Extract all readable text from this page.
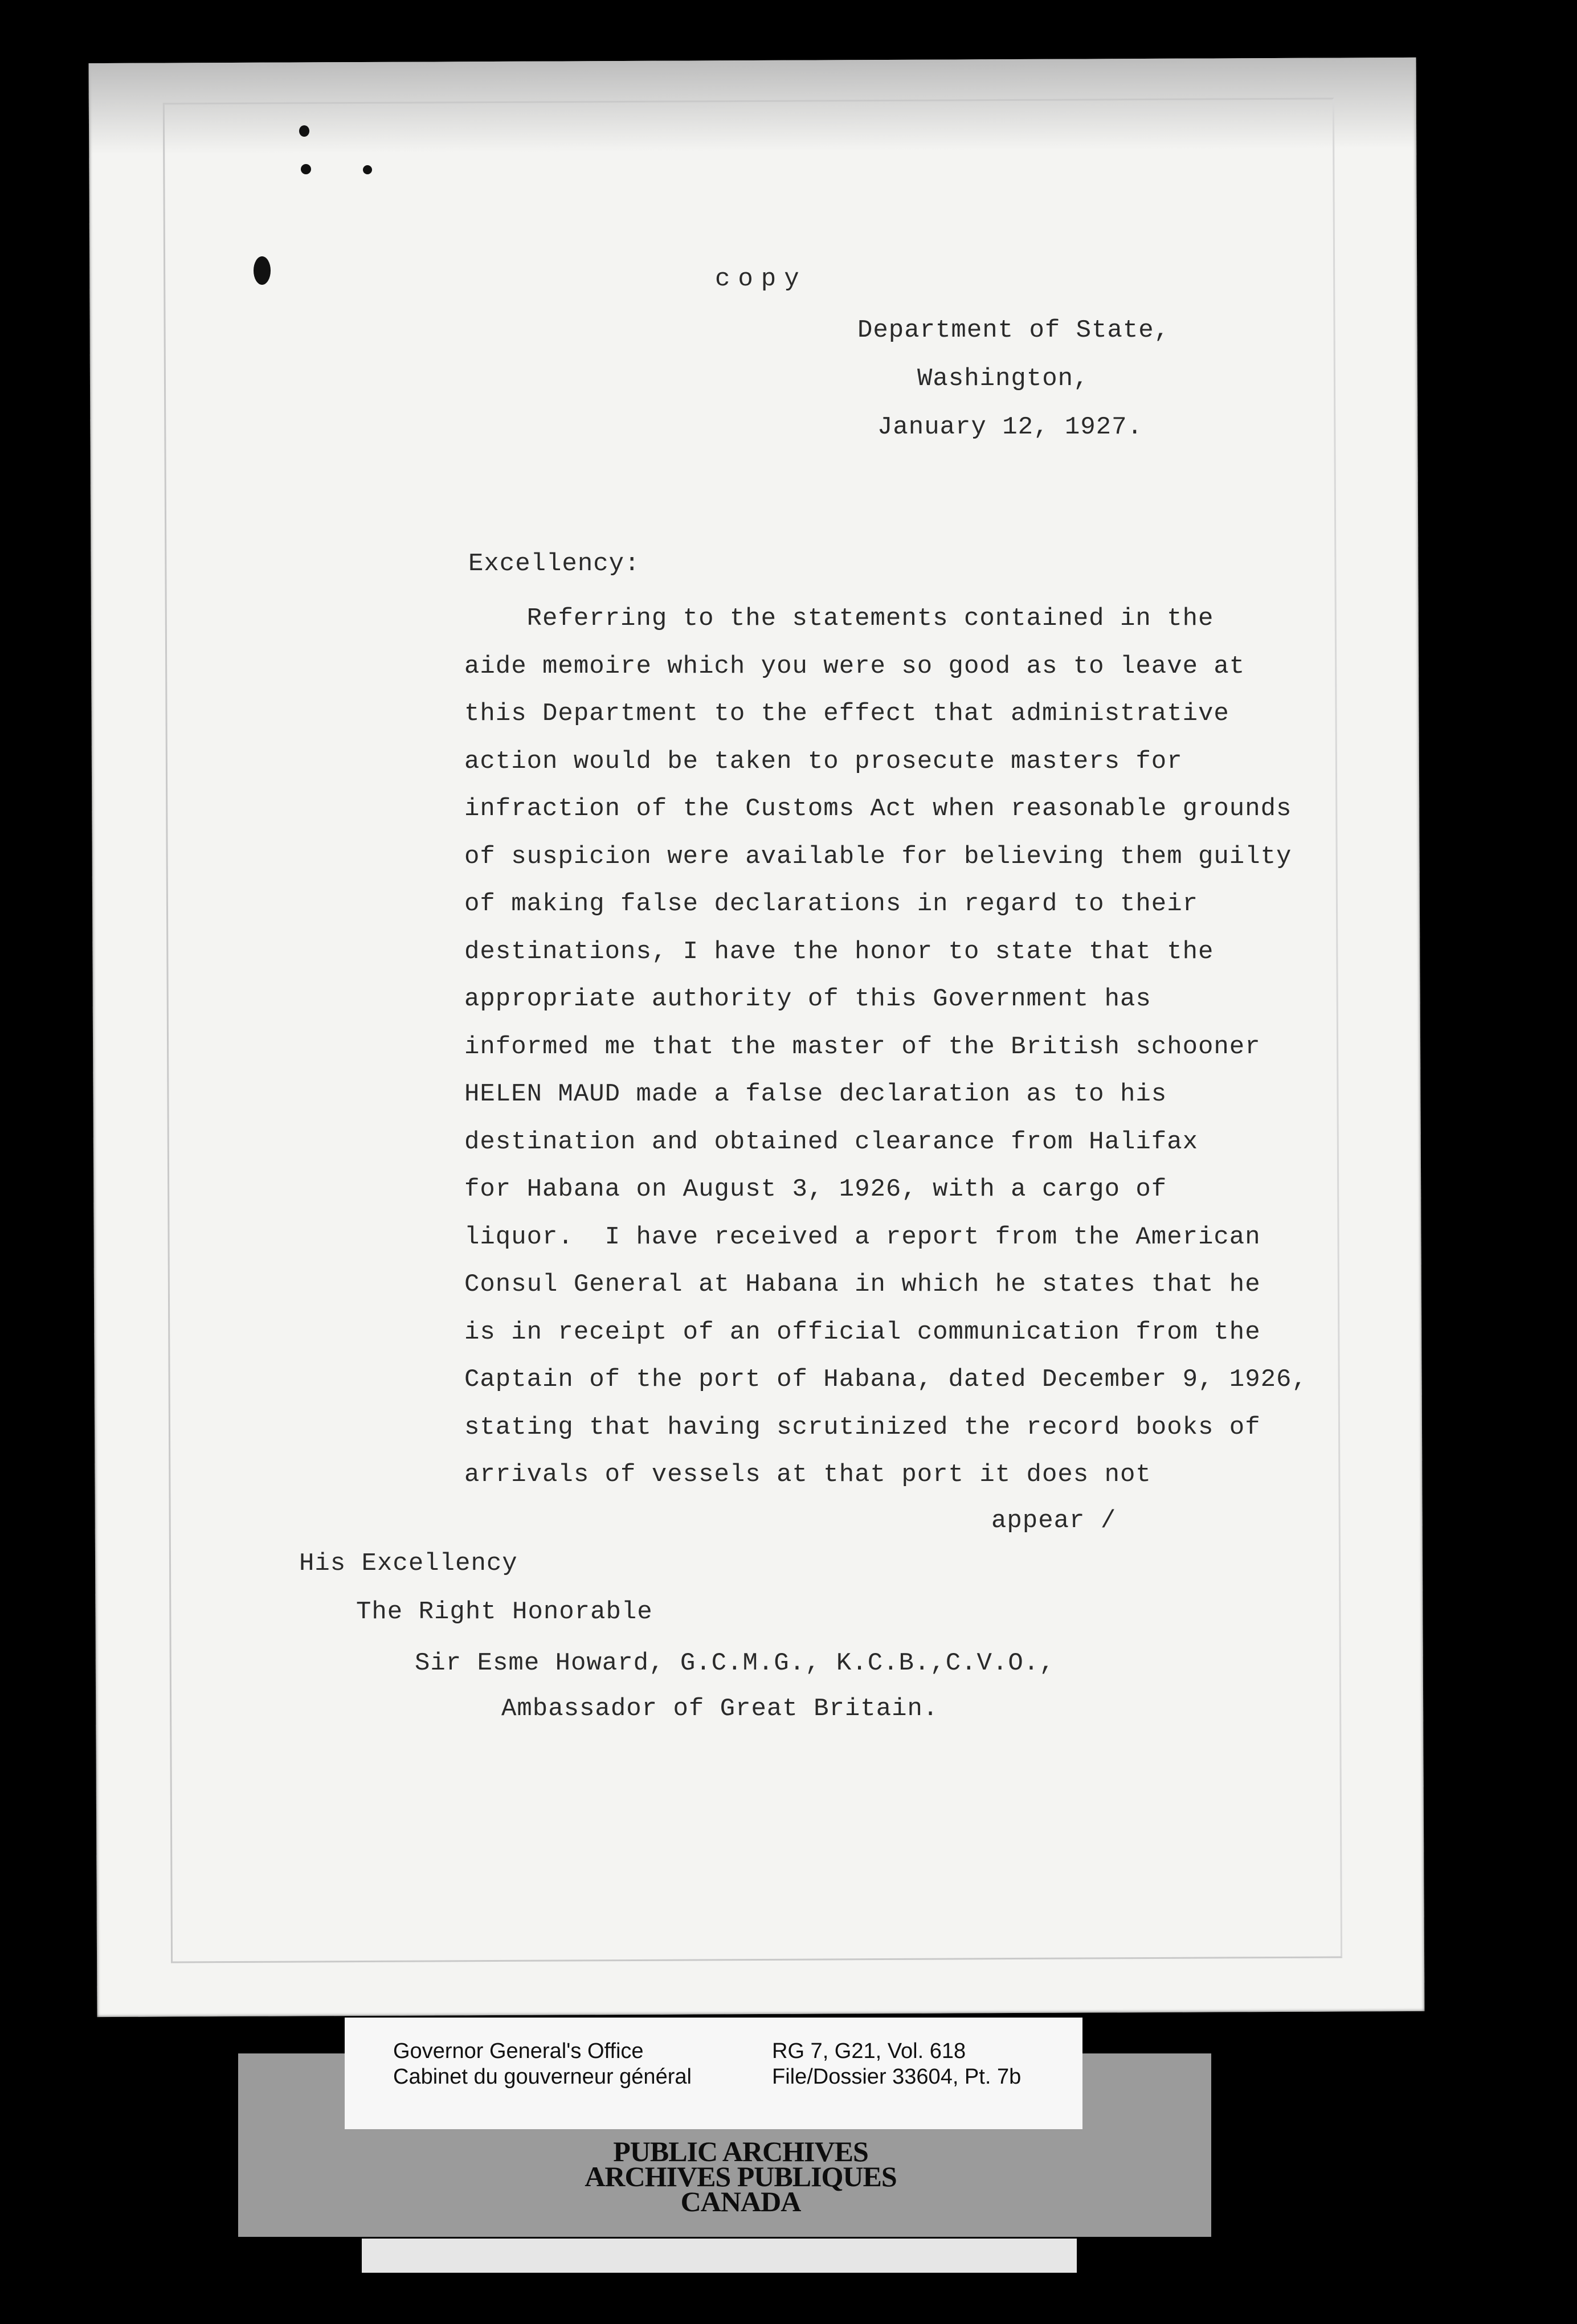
copy
Department of State,
Washington,
January 12, 1927.
Excellency:
Referring to the statements contained in the
aide memoire which you were so good as to leave at
this Department to the effect that administrative
action would be taken to prosecute masters for
infraction of the Customs Act when reasonable grounds
of suspicion were available for believing them guilty
of making false declarations in regard to their
destinations, I have the honor to state that the
appropriate authority of this Government has
informed me that the master of the British schooner
HELEN MAUD made a false declaration as to his
destination and obtained clearance from Halifax
for Habana on August 3, 1926, with a cargo of
liquor.  I have received a report from the American
Consul General at Habana in which he states that he
is in receipt of an official communication from the
Captain of the port of Habana, dated December 9, 1926,
stating that having scrutinized the record books of
arrivals of vessels at that port it does not
appear /
His Excellency
The Right Honorable
Sir Esme Howard, G.C.M.G., K.C.B.,C.V.O.,
Ambassador of Great Britain.
Governor General's Office
Cabinet du gouverneur général
RG 7, G21, Vol. 618
File/Dossier 33604, Pt. 7b
PUBLIC ARCHIVES
ARCHIVES PUBLIQUES
CANADA
